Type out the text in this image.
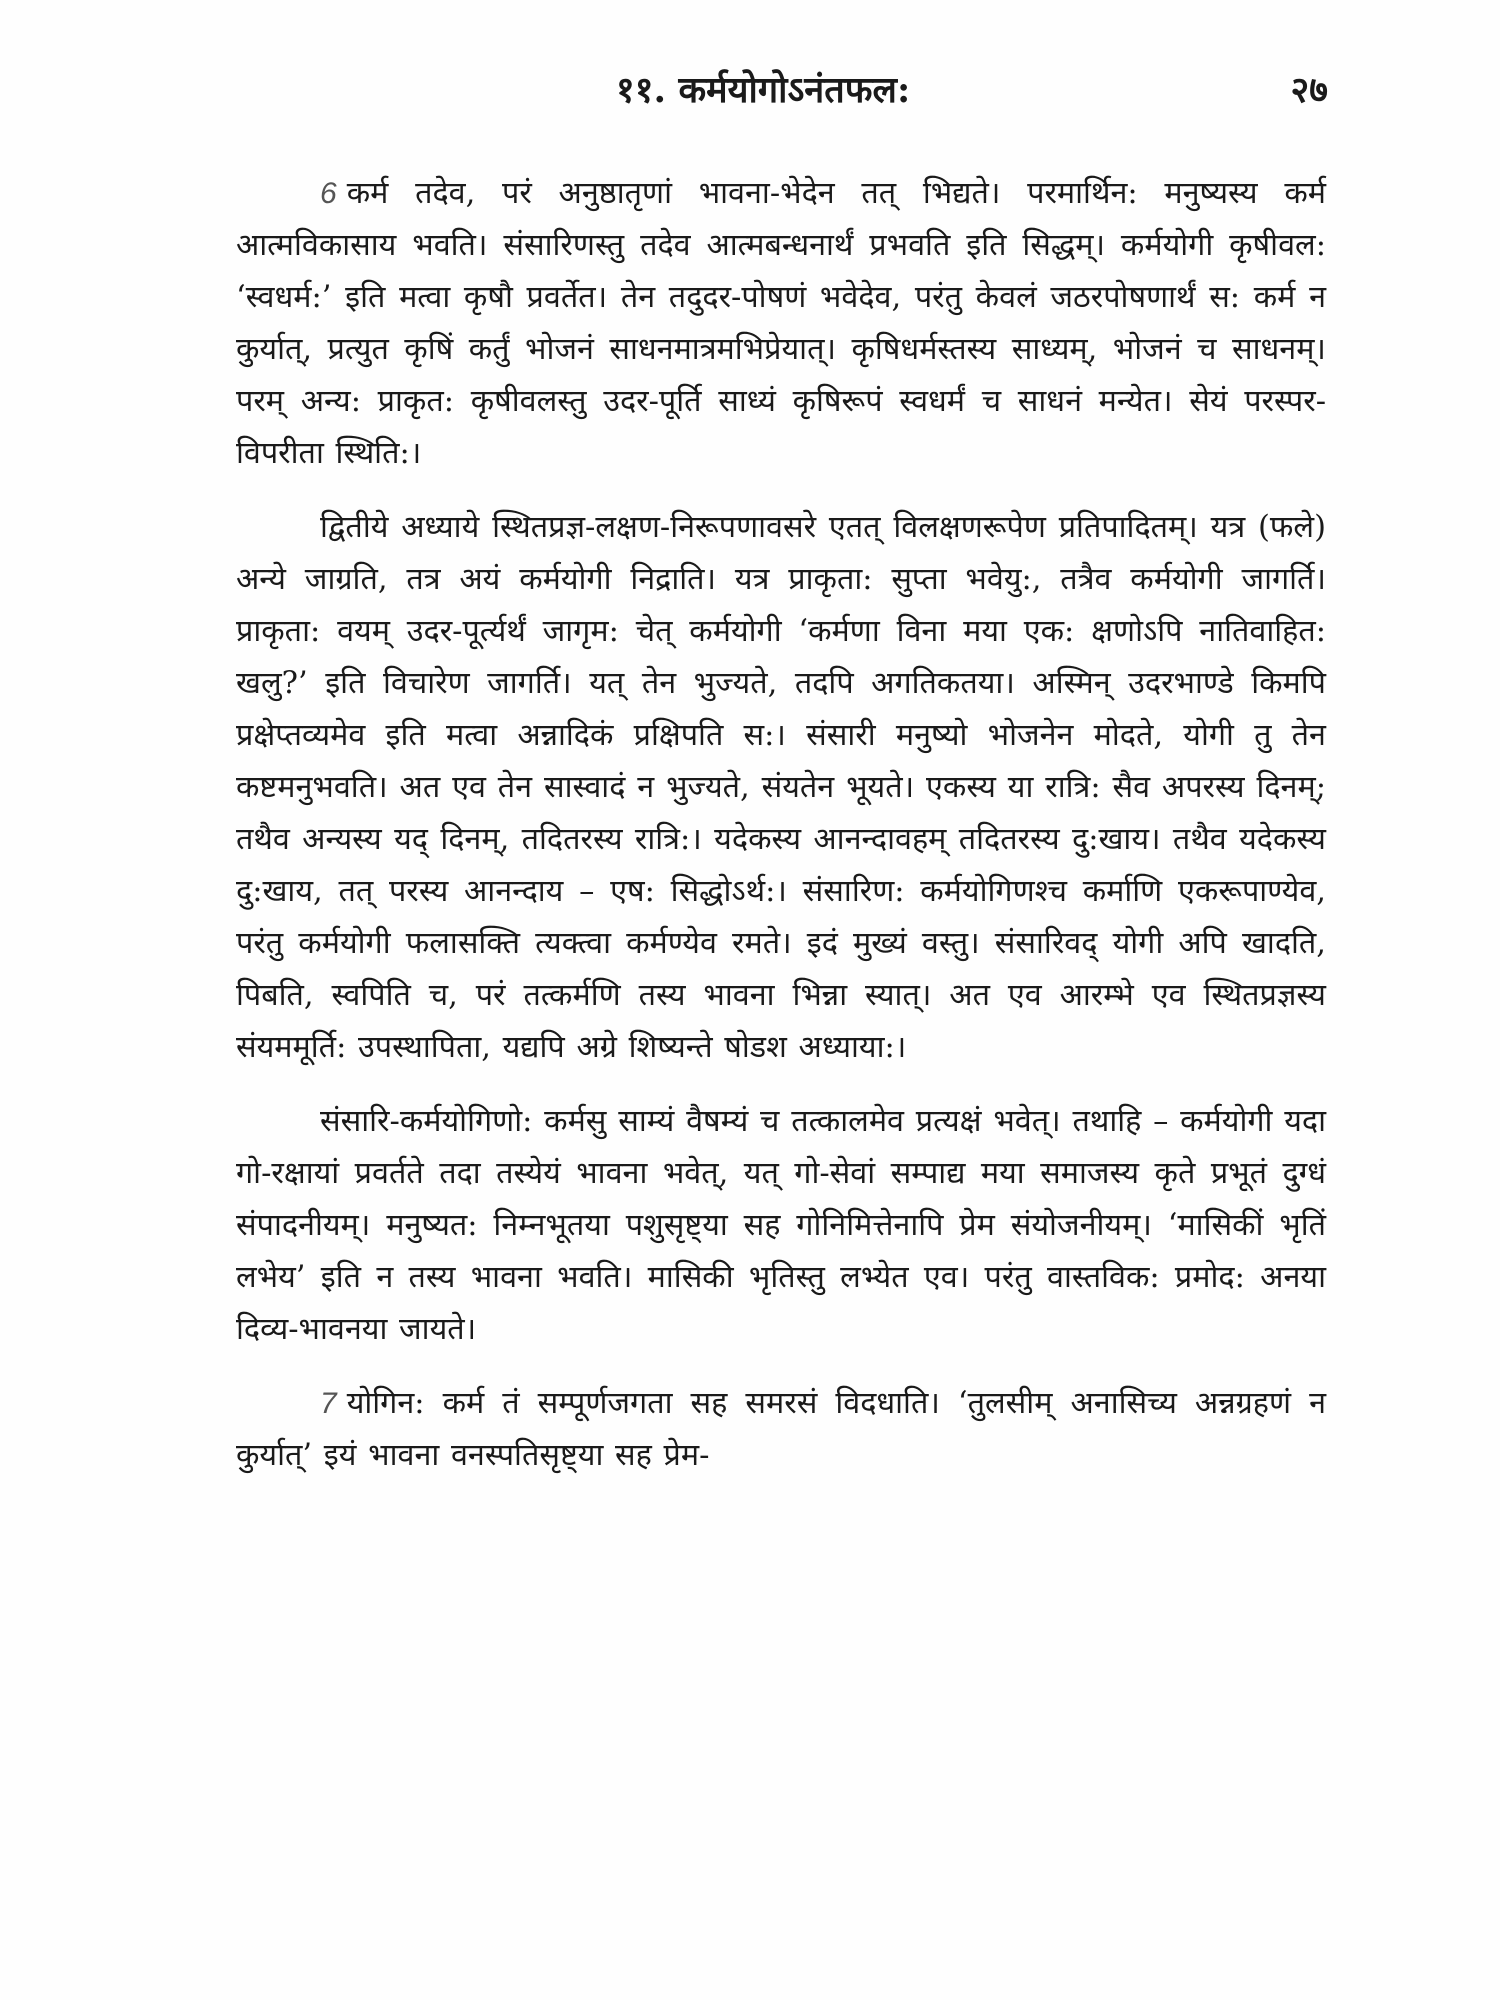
११. कर्मयोगोऽनंतफल:	२७

6 कर्म तदेव, परं अनुष्ठातृणां भावना-भेदेन तत् भिद्यते। परमार्थिन: मनुष्यस्य कर्म आत्मविकासाय भवति। संसारिणस्तु तदेव आत्मबन्धनार्थं प्रभवति इति सिद्धम्। कर्मयोगी कृषीवल: ‘स्वधर्म:’ इति मत्वा कृषौ प्रवर्तेत। तेन तदुदर-पोषणं भवेदेव, परंतु केवलं जठरपोषणार्थं स: कर्म न कुर्यात्, प्रत्युत कृषिं कर्तुं भोजनं साधनमात्रमभिप्रेयात्। कृषिधर्मस्तस्य साध्यम्, भोजनं च साधनम्। परम् अन्य: प्राकृत: कृषीवलस्तु उदर-पूर्ति साध्यं कृषिरूपं स्वधर्मं च साधनं मन्येत। सेयं परस्पर-विपरीता स्थिति:।

द्वितीये अध्याये स्थितप्रज्ञ-लक्षण-निरूपणावसरे एतत् विलक्षणरूपेण प्रतिपादितम्। यत्र (फले) अन्ये जाग्रति, तत्र अयं कर्मयोगी निद्राति। यत्र प्राकृता: सुप्ता भवेयु:, तत्रैव कर्मयोगी जागर्ति। प्राकृता: वयम् उदर-पूर्त्यर्थं जागृम: चेत् कर्मयोगी ‘कर्मणा विना मया एक: क्षणोऽपि नातिवाहित: खलु?’ इति विचारेण जागर्ति। यत् तेन भुज्यते, तदपि अगतिकतया। अस्मिन् उदरभाण्डे किमपि प्रक्षेप्तव्यमेव इति मत्वा अन्नादिकं प्रक्षिपति स:। संसारी मनुष्यो भोजनेन मोदते, योगी तु तेन कष्टमनुभवति। अत एव तेन सास्वादं न भुज्यते, संयतेन भूयते। एकस्य या रात्रि: सैव अपरस्य दिनम्; तथैव अन्यस्य यद् दिनम्, तदितरस्य रात्रि:। यदेकस्य आनन्दावहम् तदितरस्य दु:खाय। तथैव यदेकस्य दु:खाय, तत् परस्य आनन्दाय – एष: सिद्धोऽर्थ:। संसारिण: कर्मयोगिणश्च कर्माणि एकरूपाण्येव, परंतु कर्मयोगी फलासक्ति त्यक्त्वा कर्मण्येव रमते। इदं मुख्यं वस्तु। संसारिवद् योगी अपि खादति, पिबति, स्वपिति च, परं तत्कर्मणि तस्य भावना भिन्ना स्यात्। अत एव आरम्भे एव स्थितप्रज्ञस्य संयममूर्ति: उपस्थापिता, यद्यपि अग्रे शिष्यन्ते षोडश अध्याया:।

संसारि-कर्मयोगिणो: कर्मसु साम्यं वैषम्यं च तत्कालमेव प्रत्यक्षं भवेत्। तथाहि – कर्मयोगी यदा गो-रक्षायां प्रवर्तते तदा तस्येयं भावना भवेत्, यत् गो-सेवां सम्पाद्य मया समाजस्य कृते प्रभूतं दुग्धं संपादनीयम्। मनुष्यत: निम्नभूतया पशुसृष्ट्या सह गोनिमित्तेनापि प्रेम संयोजनीयम्। ‘मासिकीं भृतिं लभेय’ इति न तस्य भावना भवति। मासिकी भृतिस्तु लभ्येत एव। परंतु वास्तविक: प्रमोद: अनया दिव्य-भावनया जायते।

7 योगिन: कर्म तं सम्पूर्णजगता सह समरसं विदधाति। ‘तुलसीम् अनासिच्य अन्नग्रहणं न कुर्यात्’ इयं भावना वनस्पतिसृष्ट्या सह प्रेम-
